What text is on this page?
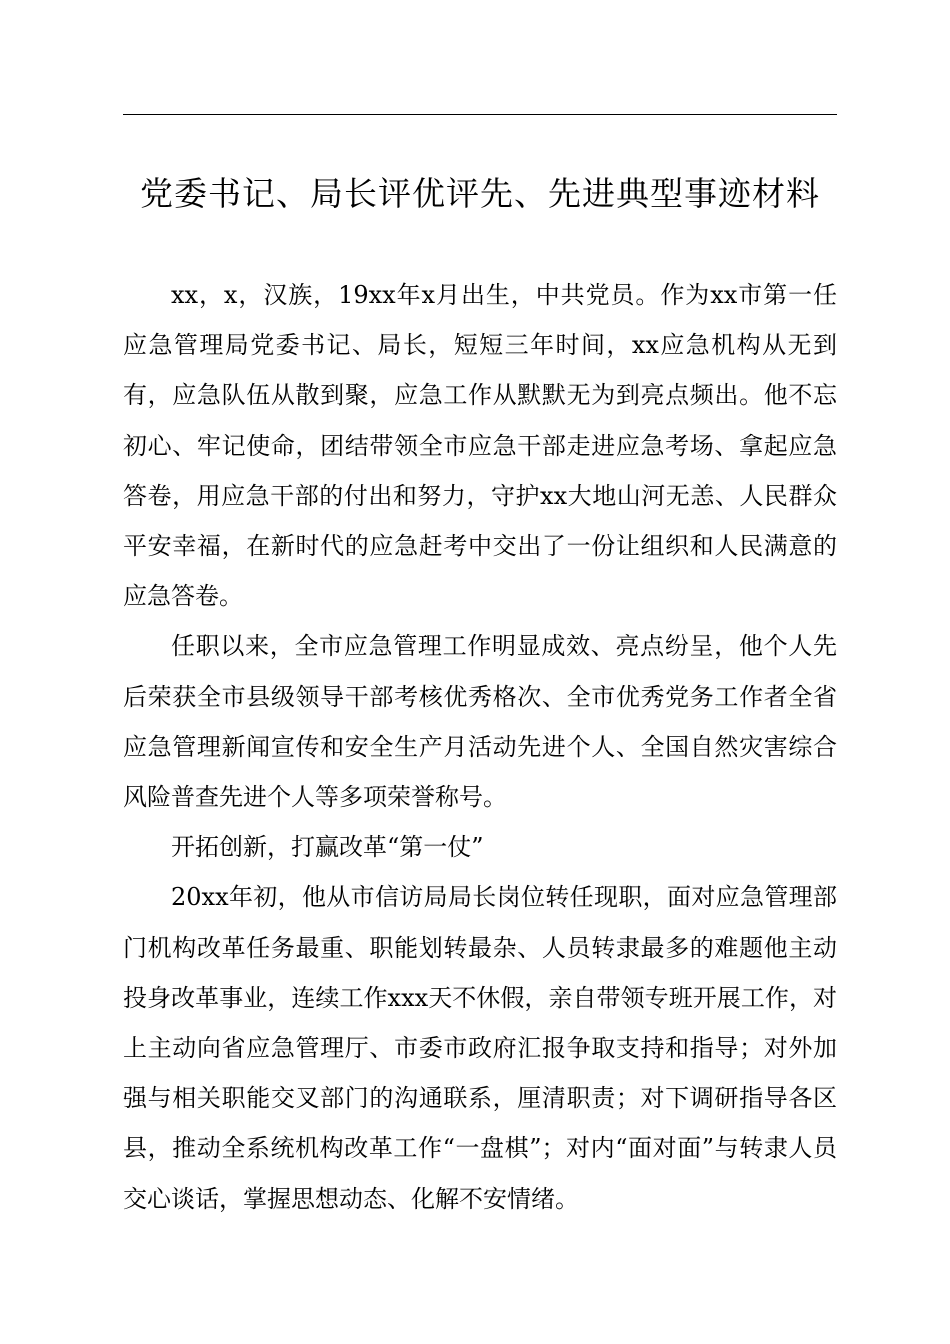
党委书记、局长评优评先、先进典型事迹材料

xx，x，汉族，19xx年x月出生，中共党员。作为xx市第一任应急管理局党委书记、局长，短短三年时间，xx应急机构从无到有，应急队伍从散到聚，应急工作从默默无为到亮点频出。他不忘初心、牢记使命，团结带领全市应急干部走进应急考场、拿起应急答卷，用应急干部的付出和努力，守护xx大地山河无恙、人民群众平安幸福，在新时代的应急赶考中交出了一份让组织和人民满意的应急答卷。

任职以来，全市应急管理工作明显成效、亮点纷呈，他个人先后荣获全市县级领导干部考核优秀格次、全市优秀党务工作者全省应急管理新闻宣传和安全生产月活动先进个人、全国自然灾害综合风险普查先进个人等多项荣誉称号。

开拓创新，打赢改革“第一仗”

20xx年初，他从市信访局局长岗位转任现职，面对应急管理部门机构改革任务最重、职能划转最杂、人员转隶最多的难题他主动投身改革事业，连续工作xxx天不休假，亲自带领专班开展工作，对上主动向省应急管理厅、市委市政府汇报争取支持和指导；对外加强与相关职能交叉部门的沟通联系，厘清职责；对下调研指导各区县，推动全系统机构改革工作“一盘棋”；对内“面对面”与转隶人员交心谈话，掌握思想动态、化解不安情绪。
